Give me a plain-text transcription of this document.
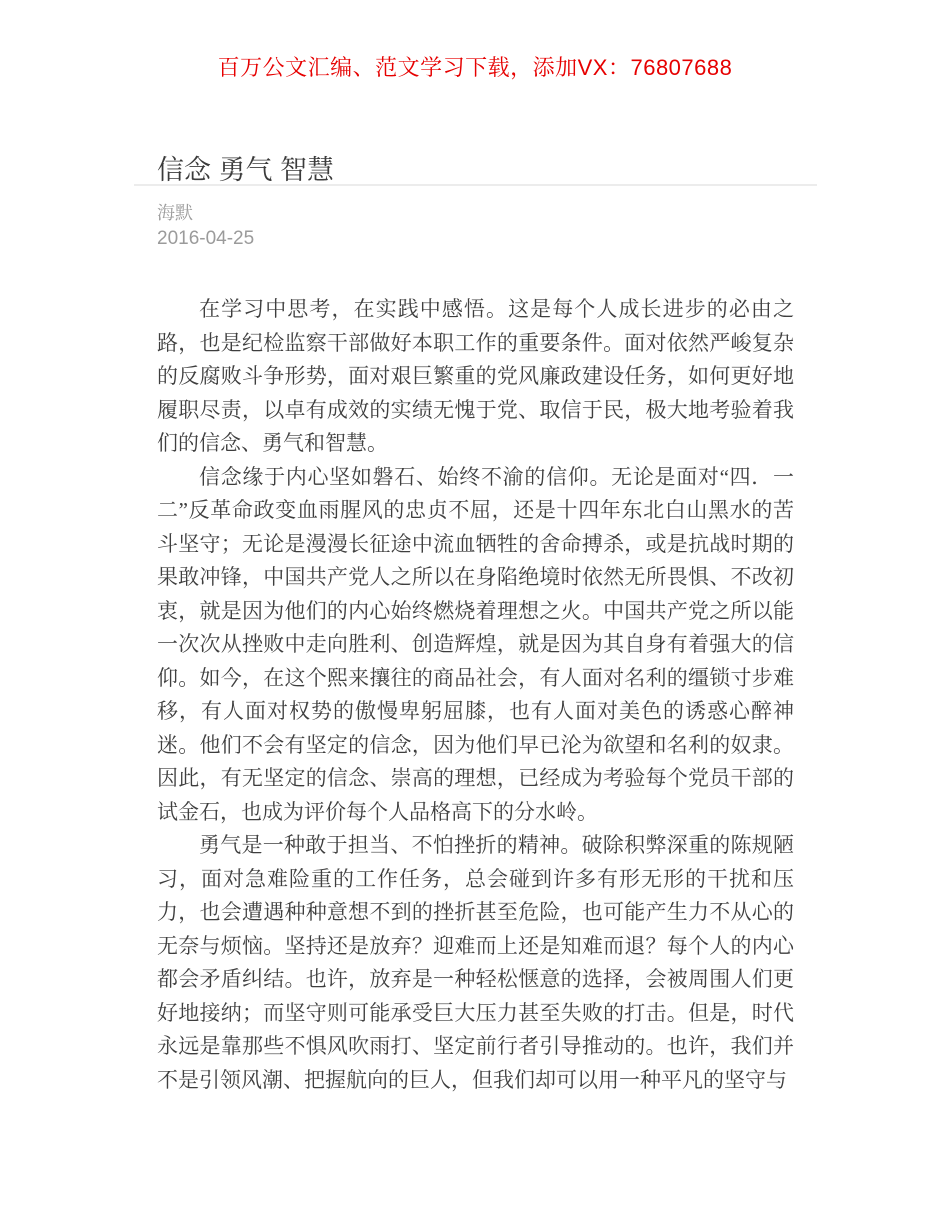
百万公文汇编、范文学习下载，添加VX：76807688
信念 勇气 智慧
海默
2016-04-25

在学习中思考，在实践中感悟。这是每个人成长进步的必由之路，也是纪检监察干部做好本职工作的重要条件。面对依然严峻复杂的反腐败斗争形势，面对艰巨繁重的党风廉政建设任务，如何更好地履职尽责，以卓有成效的实绩无愧于党、取信于民，极大地考验着我们的信念、勇气和智慧。

信念缘于内心坚如磐石、始终不渝的信仰。无论是面对“四．一二”反革命政变血雨腥风的忠贞不屈，还是十四年东北白山黑水的苦斗坚守；无论是漫漫长征途中流血牺牲的舍命搏杀，或是抗战时期的果敢冲锋，中国共产党人之所以在身陷绝境时依然无所畏惧、不改初衷，就是因为他们的内心始终燃烧着理想之火。中国共产党之所以能一次次从挫败中走向胜利、创造辉煌，就是因为其自身有着强大的信仰。如今，在这个熙来攘往的商品社会，有人面对名利的缰锁寸步难移，有人面对权势的傲慢卑躬屈膝，也有人面对美色的诱惑心醉神迷。他们不会有坚定的信念，因为他们早已沦为欲望和名利的奴隶。因此，有无坚定的信念、崇高的理想，已经成为考验每个党员干部的试金石，也成为评价每个人品格高下的分水岭。

勇气是一种敢于担当、不怕挫折的精神。破除积弊深重的陈规陋习，面对急难险重的工作任务，总会碰到许多有形无形的干扰和压力，也会遭遇种种意想不到的挫折甚至危险，也可能产生力不从心的无奈与烦恼。坚持还是放弃？迎难而上还是知难而退？每个人的内心都会矛盾纠结。也许，放弃是一种轻松惬意的选择，会被周围人们更好地接纳；而坚守则可能承受巨大压力甚至失败的打击。但是，时代永远是靠那些不惧风吹雨打、坚定前行者引导推动的。也许，我们并不是引领风潮、把握航向的巨人，但我们却可以用一种平凡的坚守与
